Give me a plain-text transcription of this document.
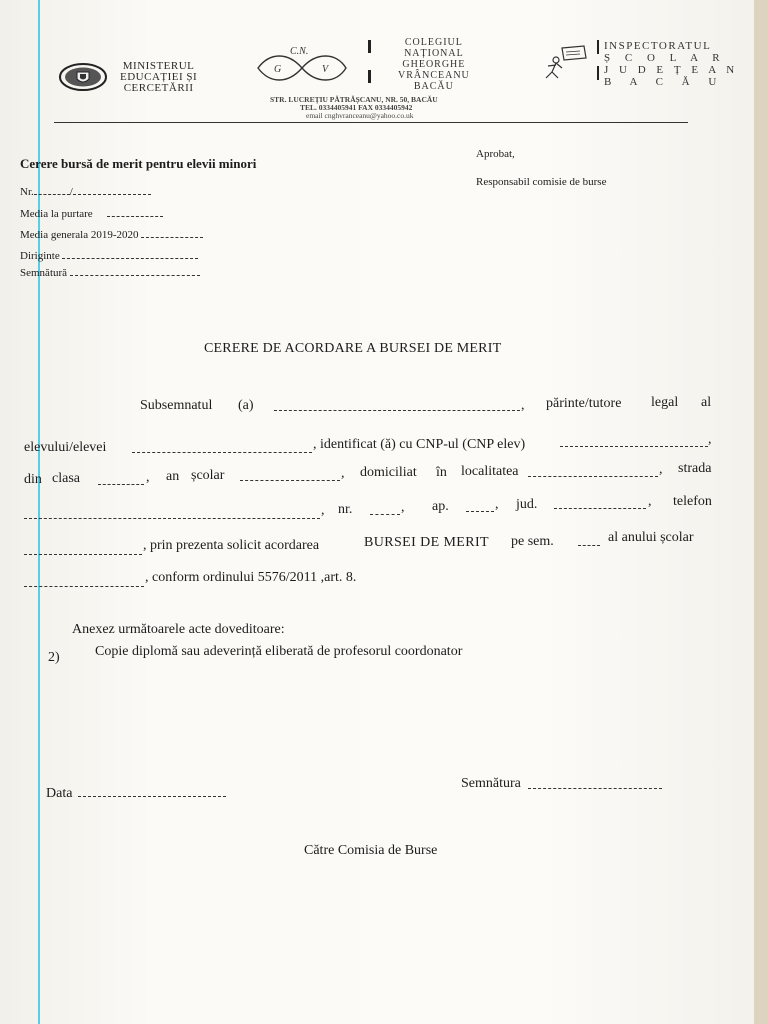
MINISTERUL
EDUCAȚIEI ȘI
CERCETĂRII
C.N.
G	V
COLEGIUL
NAȚIONAL
GHEORGHE
VRÂNCEANU
BACĂU
INSPECTORATUL
Ș C O L A R
J U D E Ț E A N
B A C Ă U
STR. LUCREȚIU PĂTRĂȘCANU, NR. 50, BACĂU
TEL. 0334405941 FAX 0334405942
email cnghvranceanu@yahoo.co.uk
Cerere bursă de merit pentru elevii minori
Nr.	/
Media la purtare
Media generala 2019-2020
Diriginte
Semnătură
Aprobat,
Responsabil comisie de burse
CERERE DE ACORDARE A BURSEI DE MERIT
Subsemnatul (a)	, părinte/tutore legal al
elevului/elevei	, identificat (ă) cu CNP-ul (CNP elev)	,
din clasa	, an școlar	, domiciliat în localitatea	, strada
, nr.	, ap.	, jud.	, telefon
, prin prezenta solicit acordarea	BURSEI DE MERIT pe sem.	al anului școlar
, conform ordinului 5576/2011 ,art. 8.
Anexez următoarele acte doveditoare:
2)	Copie diplomă sau adeverință eliberată de profesorul coordonator
Data
Semnătura
Către Comisia de Burse
